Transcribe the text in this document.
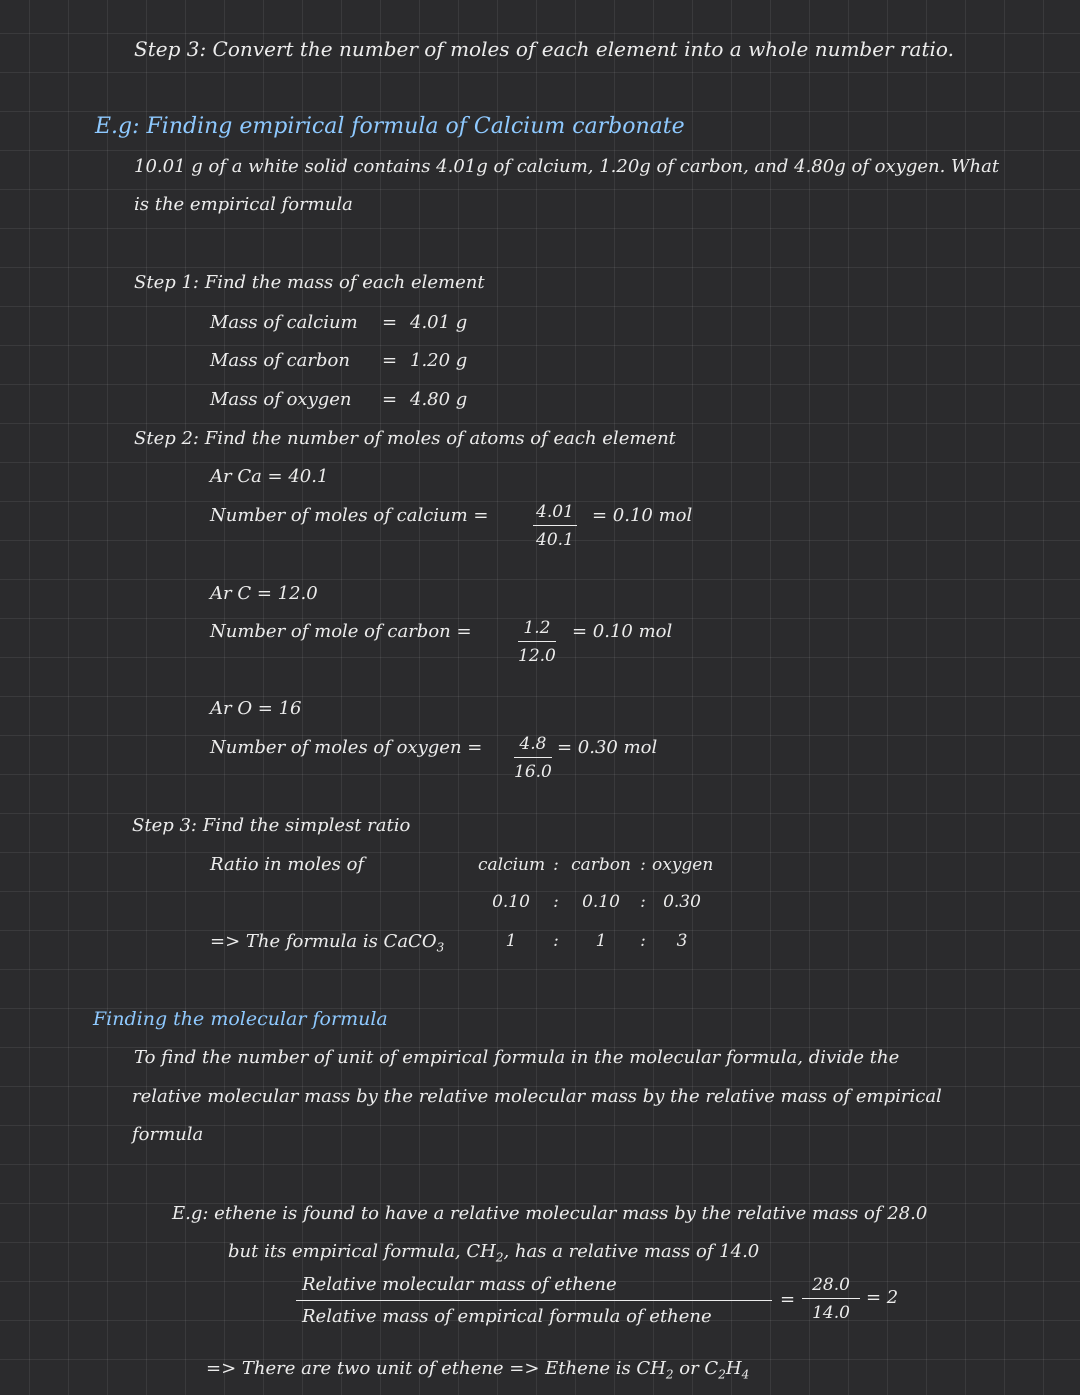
Step 3: Convert the number of moles of each element into a whole number ratio.
E.g: Finding empirical formula of Calcium carbonate
10.01 g of a white solid contains 4.01g of calcium, 1.20g of carbon, and 4.80g of oxygen. What
is the empirical formula
Step 1: Find the mass of each element
Mass of calcium = 4.01 g
Mass of carbon = 1.20 g
Mass of oxygen = 4.80 g
Step 2: Find the number of moles of atoms of each element
Ar Ca = 40.1
Number of moles of calcium =	$\frac{4.01}{40.1} = 0.10$ mol
Ar C = 12.0
Number of mole of carbon =	$\frac{1.2}{12.0} = 0.10$ mol
Ar O = 16
Number of moles of oxygen = $\frac{4.8}{16.0} = 0.30$ mol
Step 3: Find the simplest ratio
Ratio in moles of	calcium : carbon : oxygen
0.10	:	0.10	:	0.30
1	:	1	:	3
=> The formula is CaCO$_3$
Finding the molecular formula
To find the number of unit of empirical formula in the molecular formula, divide the
relative molecular mass by the relative molecular mass by the relative mass of empirical
formula
E.g: ethene is found to have a relative molecular mass by the relative mass of 28.0
but its empirical formula, $CH_2$, has a relative mass of 14.0
Relative molecular mass of ethene
Relative mass of empirical formula of ethene
= $\frac{28.0}{14.0} = 2$
=> There are two unit of ethene => Ethene is $CH_2$ or $C_2H_4$
